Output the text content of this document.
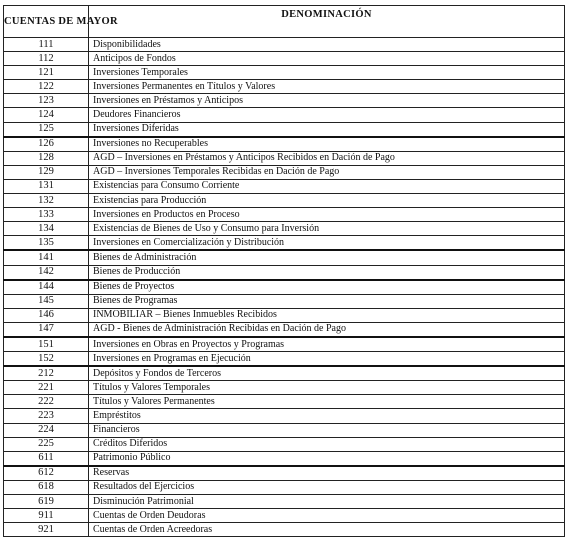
CUENTAS DE MAYOR	DENOMINACIÓN
111	Disponibilidades
112	Anticipos de Fondos
121	Inversiones Temporales
122	Inversiones Permanentes en Títulos y Valores
123	Inversiones en Préstamos y Anticipos
124	Deudores Financieros
125	Inversiones Diferidas
126	Inversiones no Recuperables
128	AGD – Inversiones en Préstamos y Anticipos Recibidos en Dación de Pago
129	AGD – Inversiones Temporales Recibidas en Dación de Pago
131	Existencias para Consumo Corriente
132	Existencias para Producción
133	Inversiones en Productos en Proceso
134	Existencias de Bienes de Uso y Consumo para Inversión
135	Inversiones en Comercialización y Distribución
141	Bienes de Administración
142	Bienes de Producción
144	Bienes de Proyectos
145	Bienes de Programas
146	INMOBILIAR – Bienes Inmuebles Recibidos
147	AGD - Bienes de Administración Recibidas en Dación de Pago
151	Inversiones en Obras en Proyectos y Programas
152	Inversiones en Programas en Ejecución
212	Depósitos y Fondos de Terceros
221	Títulos y Valores Temporales
222	Títulos y Valores Permanentes
223	Empréstitos
224	Financieros
225	Créditos Diferidos
611	Patrimonio Público
612	Reservas
618	Resultados del Ejercicios
619	Disminución Patrimonial
911	Cuentas de Orden Deudoras
921	Cuentas de Orden Acreedoras
